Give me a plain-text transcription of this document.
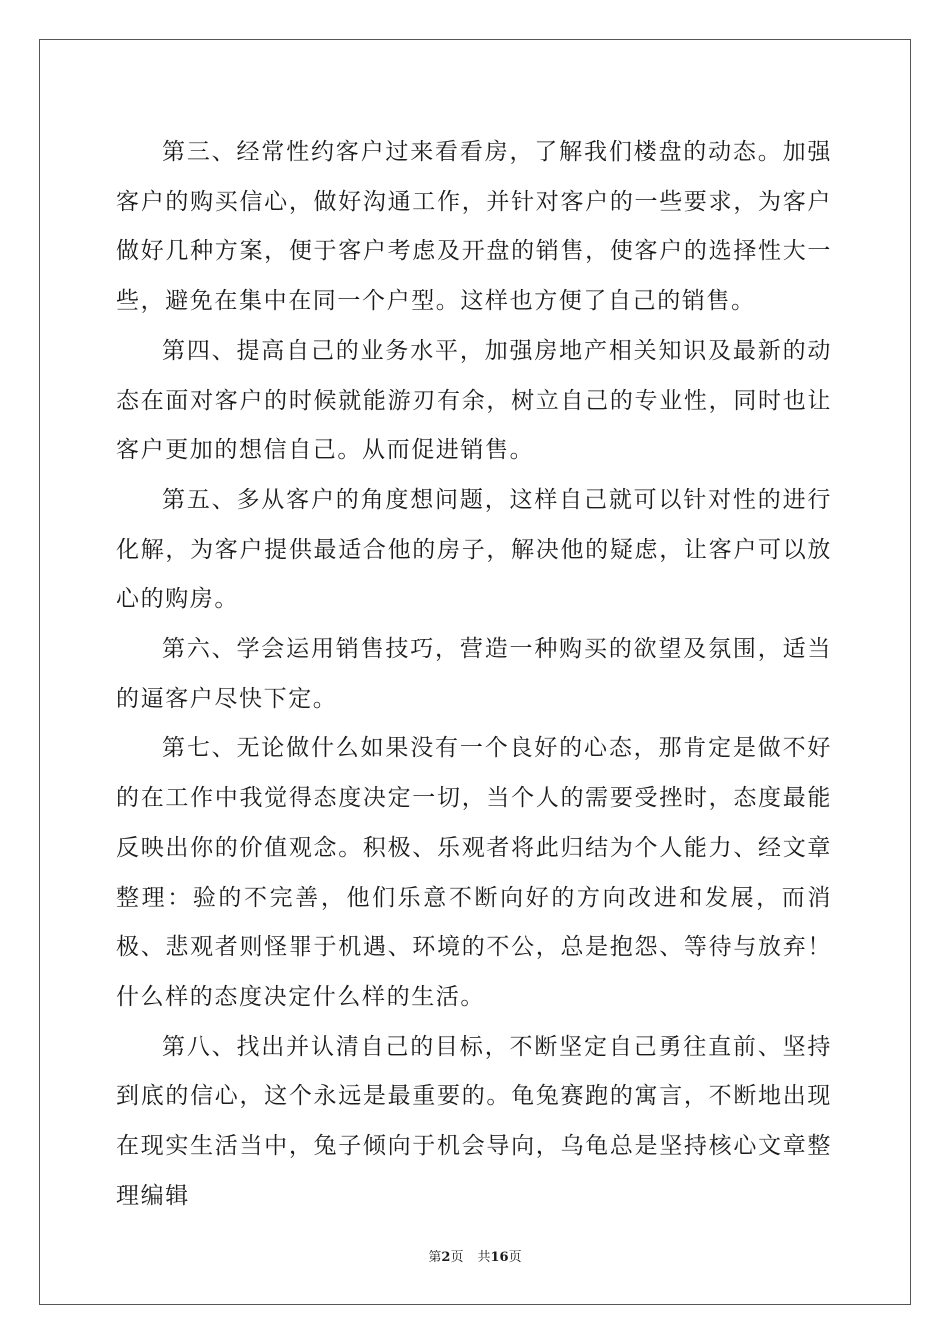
第三、经常性约客户过来看看房，了解我们楼盘的动态。加强客户的购买信心，做好沟通工作，并针对客户的一些要求，为客户做好几种方案，便于客户考虑及开盘的销售，使客户的选择性大一些，避免在集中在同一个户型。这样也方便了自己的销售。

第四、提高自己的业务水平，加强房地产相关知识及最新的动态在面对客户的时候就能游刃有余，树立自己的专业性，同时也让客户更加的想信自己。从而促进销售。

第五、多从客户的角度想问题，这样自己就可以针对性的进行化解，为客户提供最适合他的房子，解决他的疑虑，让客户可以放心的购房。

第六、学会运用销售技巧，营造一种购买的欲望及氛围，适当的逼客户尽快下定。

第七、无论做什么如果没有一个良好的心态，那肯定是做不好的在工作中我觉得态度决定一切，当个人的需要受挫时，态度最能反映出你的价值观念。积极、乐观者将此归结为个人能力、经文章整理：验的不完善，他们乐意不断向好的方向改进和发展，而消极、悲观者则怪罪于机遇、环境的不公，总是抱怨、等待与放弃！什么样的态度决定什么样的生活。

第八、找出并认清自己的目标，不断坚定自己勇往直前、坚持到底的信心，这个永远是最重要的。龟兔赛跑的寓言，不断地出现在现实生活当中，兔子倾向于机会导向，乌龟总是坚持核心文章整理编辑

第2页 共16页
